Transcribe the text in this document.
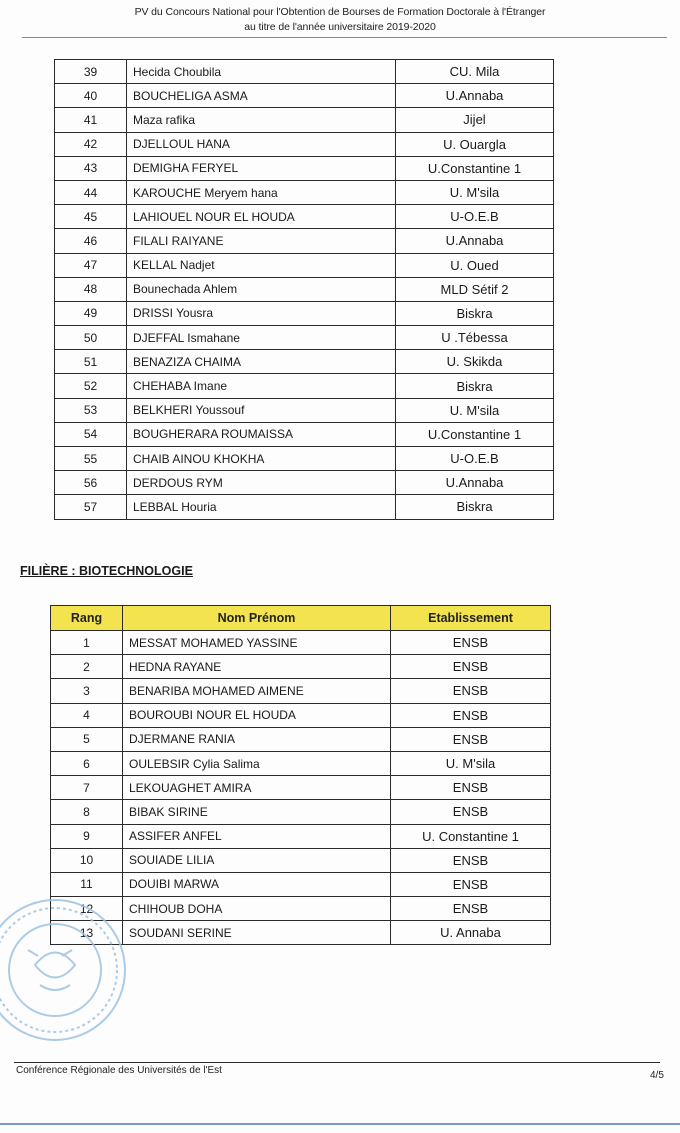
PV du Concours National pour l'Obtention de Bourses de Formation Doctorale à l'Étranger
au titre de l'année universitaire 2019-2020
39	Hecida Choubila	CU. Mila
40	BOUCHELIGA ASMA	U.Annaba
41	Maza rafika	Jijel
42	DJELLOUL HANA	U. Ouargla
43	DEMIGHA FERYEL	U.Constantine 1
44	KAROUCHE Meryem hana	U. M'sila
45	LAHIOUEL NOUR EL HOUDA	U-O.E.B
46	FILALI RAIYANE	U.Annaba
47	KELLAL Nadjet	U. Oued
48	Bounechada Ahlem	MLD Sétif 2
49	DRISSI Yousra	Biskra
50	DJEFFAL Ismahane	U .Tébessa
51	BENAZIZA CHAIMA	U. Skikda
52	CHEHABA Imane	Biskra
53	BELKHERI Youssouf	U. M'sila
54	BOUGHERARA ROUMAISSA	U.Constantine 1
55	CHAIB AINOU KHOKHA	U-O.E.B
56	DERDOUS RYM	U.Annaba
57	LEBBAL Houria	Biskra
FILIÈRE : BIOTECHNOLOGIE
Rang	Nom Prénom	Etablissement
1	MESSAT MOHAMED YASSINE	ENSB
2	HEDNA RAYANE	ENSB
3	BENARIBA MOHAMED AIMENE	ENSB
4	BOUROUBI NOUR EL HOUDA	ENSB
5	DJERMANE RANIA	ENSB
6	OULEBSIR Cylia Salima	U. M'sila
7	LEKOUAGHET AMIRA	ENSB
8	BIBAK SIRINE	ENSB
9	ASSIFER ANFEL	U. Constantine 1
10	SOUIADE LILIA	ENSB
11	DOUIBI MARWA	ENSB
12	CHIHOUB DOHA	ENSB
13	SOUDANI SERINE	U. Annaba
Conférence Régionale des Universités de l'Est	4/5
